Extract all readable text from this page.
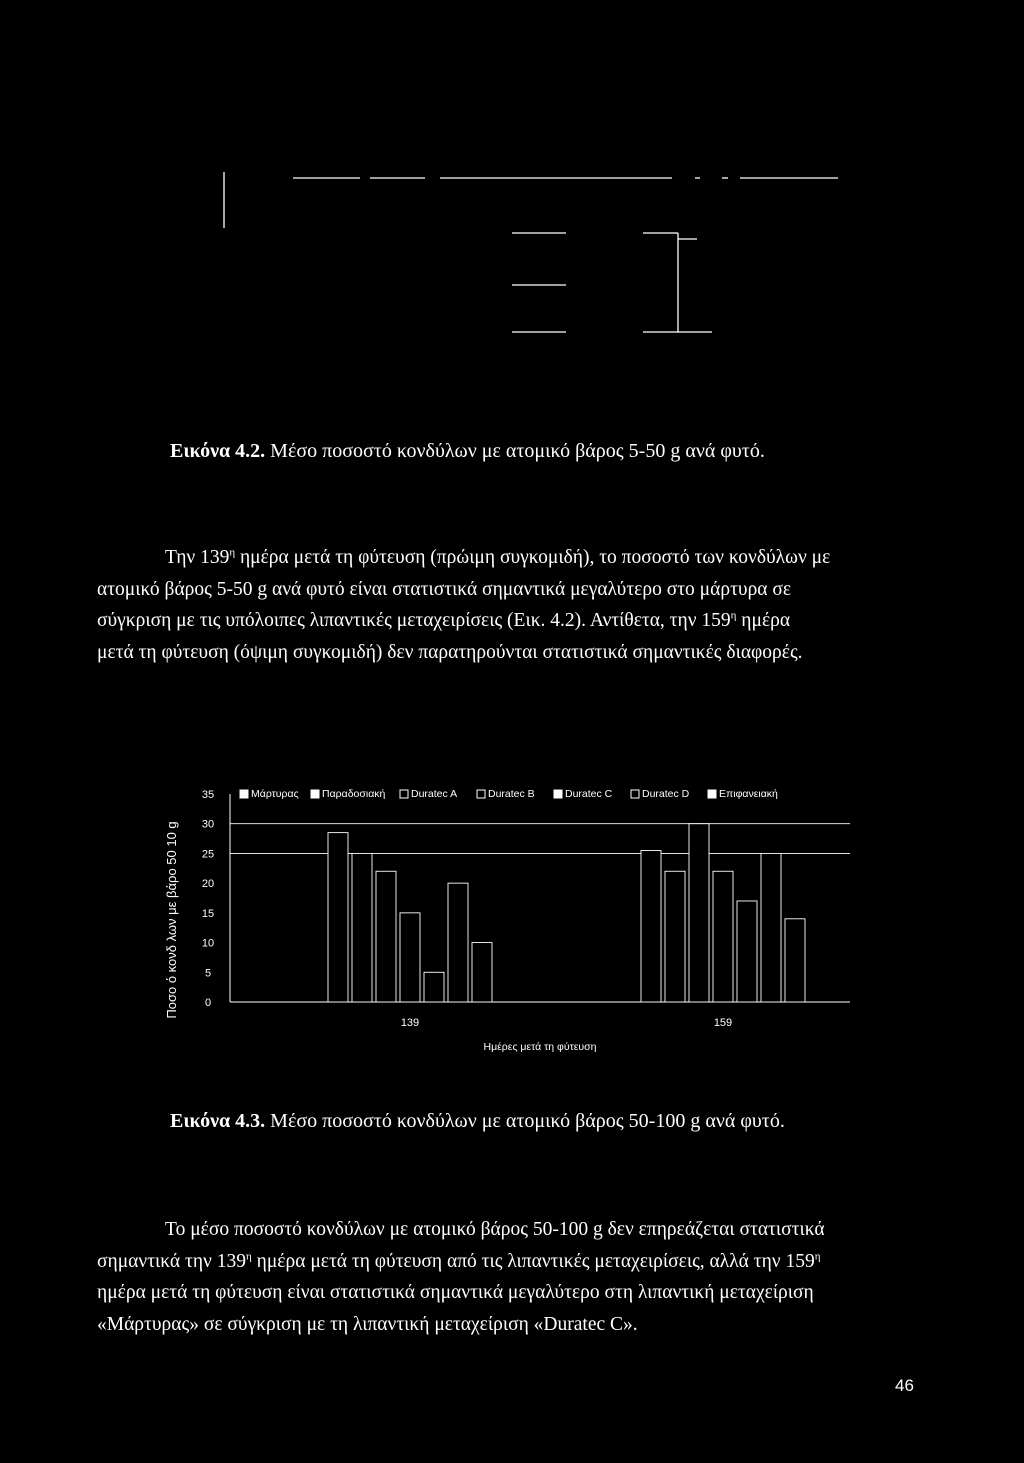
Εικόνα 4.2. Μέσο ποσοστό κονδύλων με ατομικό βάρος 5-50 g ανά φυτό.
Την $139^\eta$ ημέρα μετά τη φύτευση (πρώιμη συγκομιδή), το ποσοστό των κονδύλων με
ατομικό βάρος 5-50 g ανά φυτό είναι στατιστικά σημαντικά μεγαλύτερο στο μάρτυρα σε
σύγκριση με τις υπόλοιπες λιπαντικές μεταχειρίσεις (Εικ. 4.2). Αντίθετα, την $159^\eta$ ημέρα
μετά τη φύτευση (όψιμη συγκομιδή) δεν παρατηρούνται στατιστικά σημαντικές διαφορές.
Ποσο ό κονδ λων με βάρο 50 10 g
35
30
25
20
15
10
5
0
Μάρτυρας Παραδοσιακή Duratec A	Duratec B	Duratec C	Duratec D	Επιφανειακή
139	159
Ημέρες μετά τη φύτευση
Εικόνα 4.3. Μέσο ποσοστό κονδύλων με ατομικό βάρος 50-100 g ανά φυτό.
Το μέσο ποσοστό κονδύλων με ατομικό βάρος 50-100 g δεν επηρεάζεται στατιστικά
σημαντικά την $139^\eta$ ημέρα μετά τη φύτευση από τις λιπαντικές μεταχειρίσεις, αλλά την $159^\eta$
ημέρα μετά τη φύτευση είναι στατιστικά σημαντικά μεγαλύτερο στη λιπαντική μεταχείριση
«Μάρτυρας» σε σύγκριση με τη λιπαντική μεταχείριση «Duratec C».
46
